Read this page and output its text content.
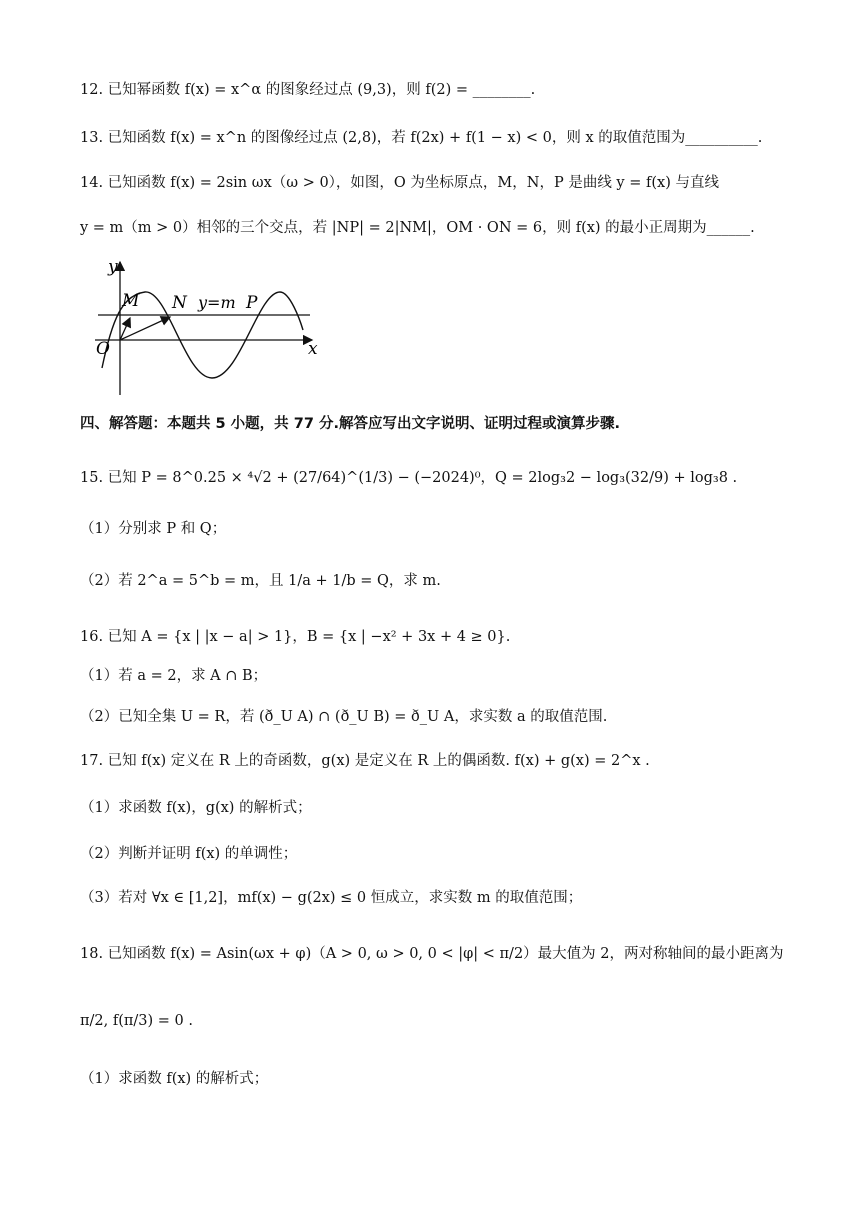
12. 已知幂函数 f(x) = x^α 的图象经过点 (9,3)，则 f(2) = ________.
13. 已知函数 f(x) = x^n 的图像经过点 (2,8)，若 f(2x) + f(1 − x) < 0，则 x 的取值范围为__________.
14. 已知函数 f(x) = 2sin ωx（ω > 0），如图，O 为坐标原点，M，N，P 是曲线 y = f(x) 与直线
y = m（m > 0）相邻的三个交点，若 |NP| = 2|NM|，OM · ON = 6，则 f(x) 的最小正周期为______.
y
x
O
M N y=m P
四、解答题：本题共 5 小题，共 77 分.解答应写出文字说明、证明过程或演算步骤.
15. 已知 P = 8^0.25 × ⁴√2 + (27/64)^(1/3) − (−2024)⁰，Q = 2log₃2 − log₃(32/9) + log₃8 .
（1）分别求 P 和 Q；
（2）若 2^a = 5^b = m，且 1/a + 1/b = Q，求 m.
16. 已知 A = {x | |x − a| > 1}，B = {x | −x² + 3x + 4 ≥ 0}.
（1）若 a = 2，求 A ∩ B；
（2）已知全集 U = R，若 (ð_U A) ∩ (ð_U B) = ð_U A，求实数 a 的取值范围.
17. 已知 f(x) 定义在 R 上的奇函数，g(x) 是定义在 R 上的偶函数. f(x) + g(x) = 2^x .
（1）求函数 f(x)，g(x) 的解析式；
（2）判断并证明 f(x) 的单调性；
（3）若对 ∀x ∈ [1,2]，mf(x) − g(2x) ≤ 0 恒成立，求实数 m 的取值范围；
18. 已知函数 f(x) = Asin(ωx + φ)（A > 0, ω > 0, 0 < |φ| < π/2）最大值为 2，两对称轴间的最小距离为
π/2, f(π/3) = 0 .
（1）求函数 f(x) 的解析式；
